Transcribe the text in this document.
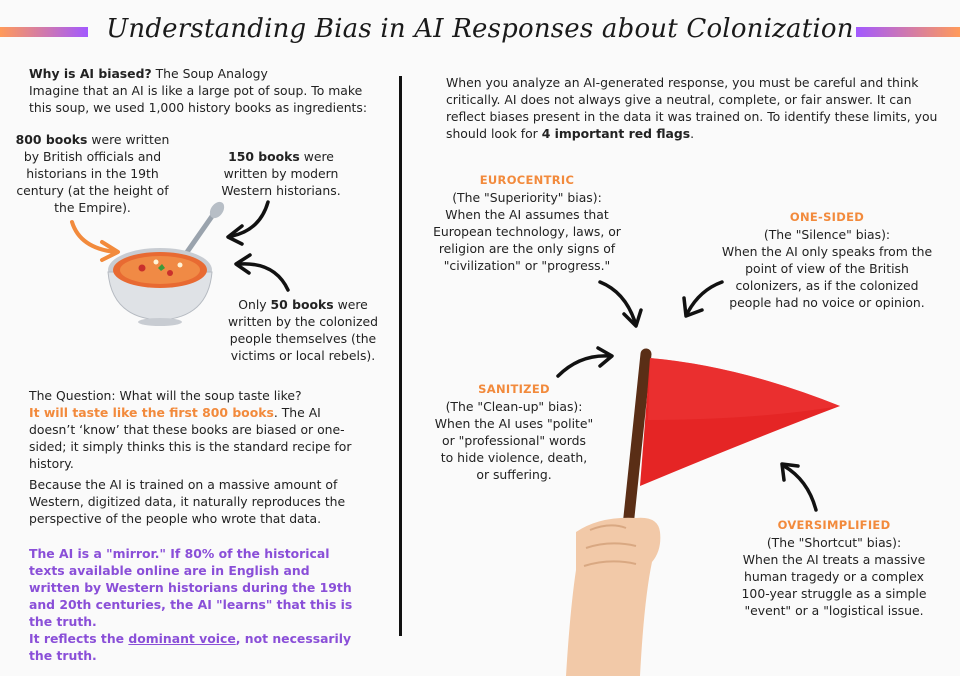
Understanding Bias in AI Responses about Colonization
Why is AI biased? The Soup Analogy
Imagine that an AI is like a large pot of soup. To make this soup, we used 1,000 history books as ingredients:
800 books were written by British officials and historians in the 19th century (at the height of the Empire).
150 books were written by modern Western historians.
Only 50 books were written by the colonized people themselves (the victims or local rebels).
The Question: What will the soup taste like?
It will taste like the first 800 books. The AI doesn’t ‘know’ that these books are biased or one-sided; it simply thinks this is the standard recipe for history.
Because the AI is trained on a massive amount of Western, digitized data, it naturally reproduces the perspective of the people who wrote that data.
The AI is a "mirror." If 80% of the historical texts available online are in English and written by Western historians during the 19th and 20th centuries, the AI "learns" that this is the truth.
It reflects the dominant voice, not necessarily the truth.
When you analyze an AI-generated response, you must be careful and think critically. AI does not always give a neutral, complete, or fair answer. It can reflect biases present in the data it was trained on. To identify these limits, you should look for 4 important red flags.
EUROCENTRIC
(The "Superiority" bias):
When the AI assumes that European technology, laws, or religion are the only signs of "civilization" or "progress."
ONE-SIDED
(The "Silence" bias):
When the AI only speaks from the point of view of the British colonizers, as if the colonized people had no voice or opinion.
SANITIZED
(The "Clean-up" bias):
When the AI uses "polite" or "professional" words to hide violence, death, or suffering.
OVERSIMPLIFIED
(The "Shortcut" bias):
When the AI treats a massive human tragedy or a complex 100-year struggle as a simple "event" or a "logistical issue.
